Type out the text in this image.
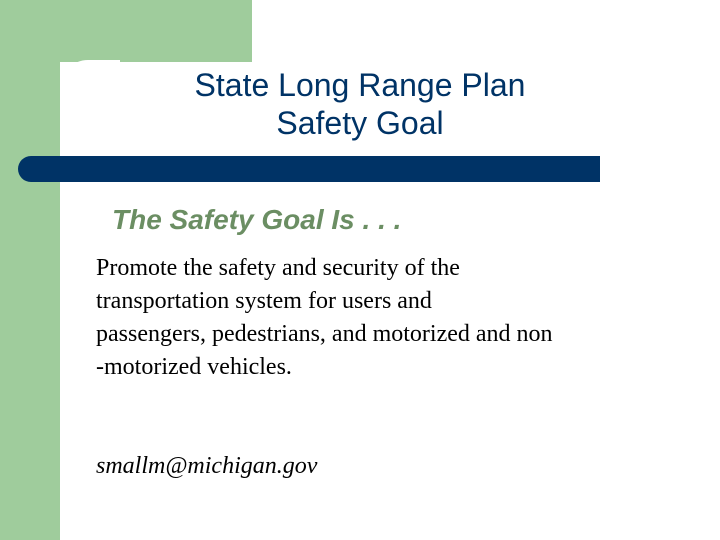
State Long Range Plan
Safety Goal
The Safety Goal Is . . .

Promote the safety and security of the
transportation system for users and
passengers, pedestrians, and motorized and non
-motorized vehicles.

smallm@michigan.gov
